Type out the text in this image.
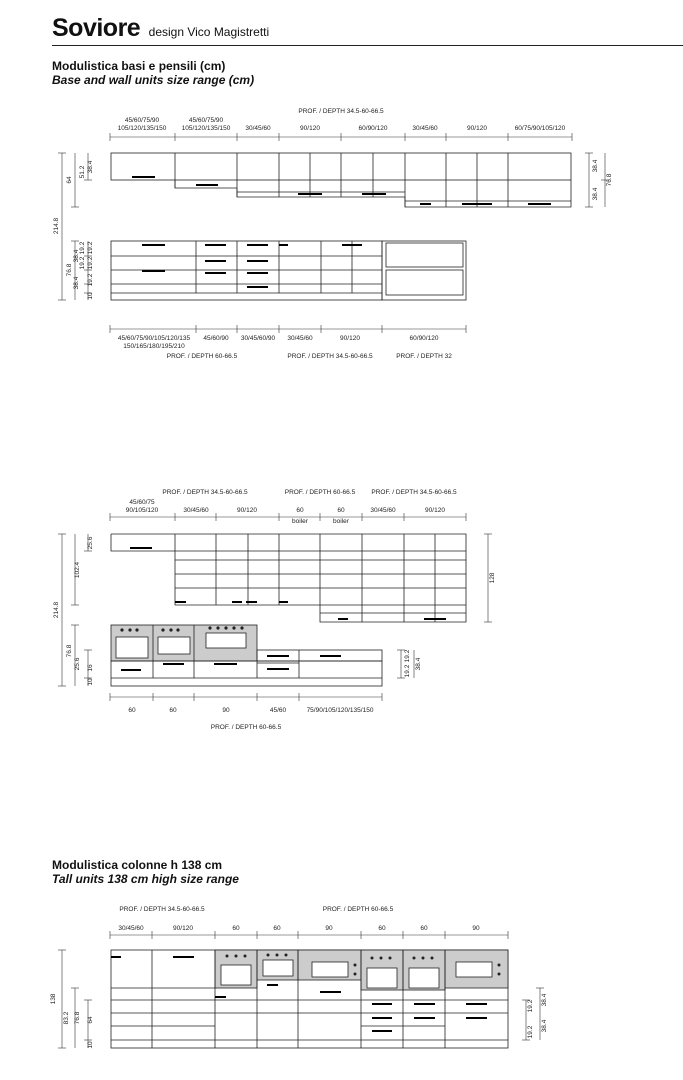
Soviore design Vico Magistretti
Modulistica basi e pensili (cm)
Base and wall units size range (cm)
Modulistica colonne h 138 cm
Tall units 138 cm high size range
PROF. / DEPTH 34.5-60-66.5
45/60/75/90
105/120/135/150
45/60/75/90
105/120/135/150 30/45/60	90/120	60/90/120	30/45/60	90/120	60/75/90/105/120
45/60/75/90/105/120/135
150/165/180/195/210
45/60/90 30/45/60/90 30/45/60	90/120	60/90/120
PROF. / DEPTH 60-66.5	PROF. / DEPTH 34.5-60-66.5	PROF. / DEPTH 32
PROF. / DEPTH 34.5-60-66.5	PROF. / DEPTH 60-66.5 PROF. / DEPTH 34.5-60-66.5
45/60/75
90/105/120	30/45/60	90/120	60	60	30/45/60	90/120
boiler	boiler
60	60	90	45/60	75/90/105/120/135/150
PROF. / DEPTH 60-66.5
PROF. / DEPTH 34.5-60-66.5	PROF. / DEPTH 60-66.5
30/45/60	90/120	60	60	90	60	60	90
214.8
64
51.2 38.4
76.8
38.4
19.2
19.2
38.4
19.2
19.2
19.2
10
38.4
76.8
38.4
25.6
102.4
214.8
76.8
25.6
10
16
128
19.2
19.2
38.4
138
83.2 76.8 64
10
19.2
19.2
38.4
38.4
